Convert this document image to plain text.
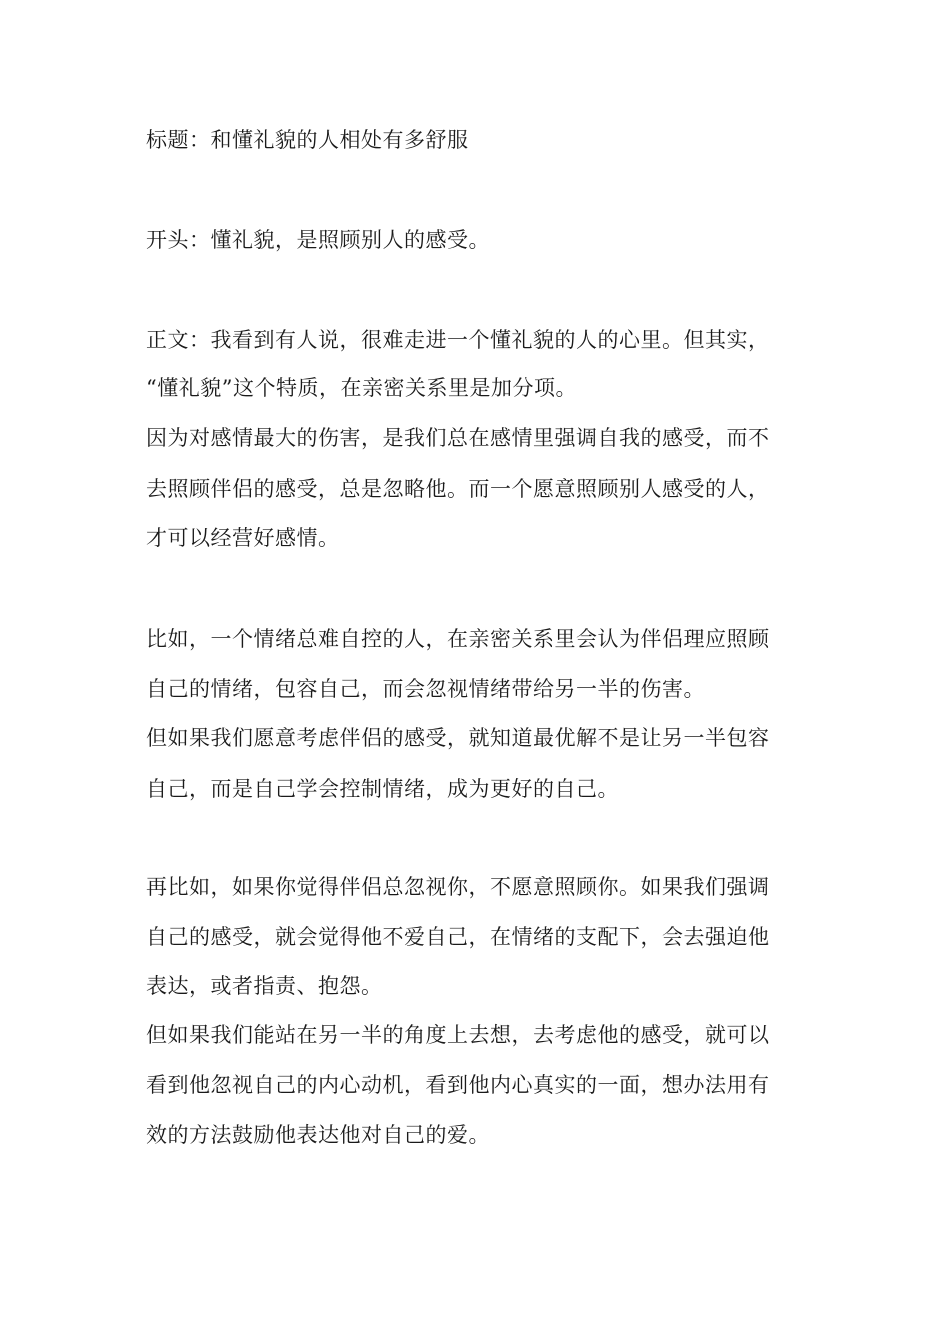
标题：和懂礼貌的人相处有多舒服
开头：懂礼貌，是照顾别人的感受。
正文：我看到有人说，很难走进一个懂礼貌的人的心里。但其实，
“懂礼貌”这个特质，在亲密关系里是加分项。
因为对感情最大的伤害，是我们总在感情里强调自我的感受，而不
去照顾伴侣的感受，总是忽略他。而一个愿意照顾别人感受的人，
才可以经营好感情。
比如，一个情绪总难自控的人，在亲密关系里会认为伴侣理应照顾
自己的情绪，包容自己，而会忽视情绪带给另一半的伤害。
但如果我们愿意考虑伴侣的感受，就知道最优解不是让另一半包容
自己，而是自己学会控制情绪，成为更好的自己。
再比如，如果你觉得伴侣总忽视你，不愿意照顾你。如果我们强调
自己的感受，就会觉得他不爱自己，在情绪的支配下，会去强迫他
表达，或者指责、抱怨。
但如果我们能站在另一半的角度上去想，去考虑他的感受，就可以
看到他忽视自己的内心动机，看到他内心真实的一面，想办法用有
效的方法鼓励他表达他对自己的爱。
